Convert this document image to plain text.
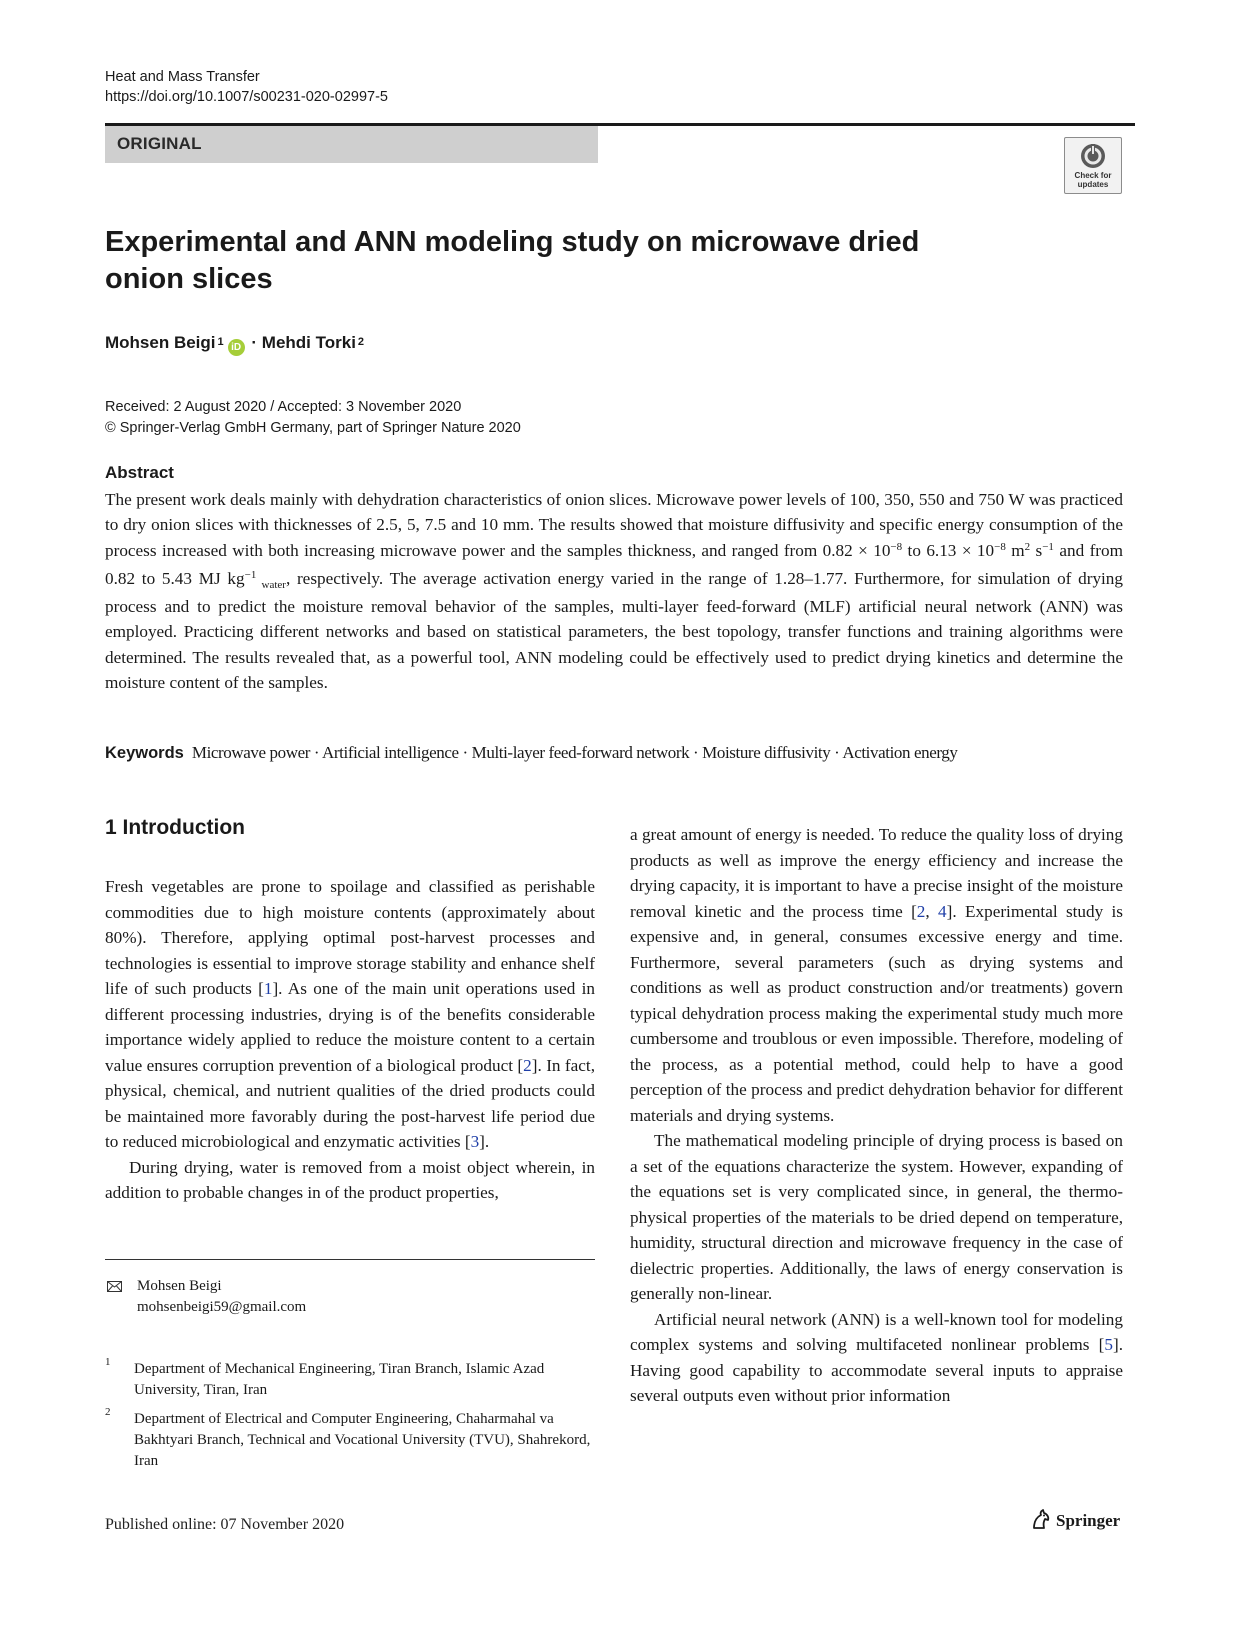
Heat and Mass Transfer
https://doi.org/10.1007/s00231-020-02997-5
ORIGINAL
Check for updates
Experimental and ANN modeling study on microwave dried onion slices
Mohsen Beigi $^1$ iD · Mehdi Torki $^2$
Received: 2 August 2020 / Accepted: 3 November 2020
© Springer-Verlag GmbH Germany, part of Springer Nature 2020
Abstract
The present work deals mainly with dehydration characteristics of onion slices. Microwave power levels of 100, 350, 550 and 750 W was practiced to dry onion slices with thicknesses of 2.5, 5, 7.5 and 10 mm. The results showed that moisture diffusivity and specific energy consumption of the process increased with both increasing microwave power and the samples thickness, and ranged from $0.82 \times 10^{-8}$ to $6.13 \times 10^{-8}$ $m^2$ $s^{-1}$ and from 0.82 to 5.43 MJ $kg^{-1}$ $_{water}$, respectively. The average activation energy varied in the range of 1.28–1.77. Furthermore, for simulation of drying process and to predict the moisture removal behavior of the samples, multi-layer feed-forward (MLF) artificial neural network (ANN) was employed. Practicing different networks and based on statistical parameters, the best topology, transfer functions and training algorithms were determined. The results revealed that, as a powerful tool, ANN modeling could be effectively used to predict drying kinetics and determine the moisture content of the samples.
Keywords Microwave power · Artificial intelligence · Multi-layer feed-forward network · Moisture diffusivity · Activation energy
1 Introduction

Fresh vegetables are prone to spoilage and classified as perishable commodities due to high moisture contents (approximately about 80%). Therefore, applying optimal post-harvest processes and technologies is essential to improve storage stability and enhance shelf life of such products [1]. As one of the main unit operations used in different processing industries, drying is of the benefits considerable importance widely applied to reduce the moisture content to a certain value ensures corruption prevention of a biological product [2]. In fact, physical, chemical, and nutrient qualities of the dried products could be maintained more favorably during the post-harvest life period due to reduced microbiological and enzymatic activities [3].

During drying, water is removed from a moist object wherein, in addition to probable changes in of the product properties,

a great amount of energy is needed. To reduce the quality loss of drying products as well as improve the energy efficiency and increase the drying capacity, it is important to have a precise insight of the moisture removal kinetic and the process time [2, 4]. Experimental study is expensive and, in general, consumes excessive energy and time. Furthermore, several parameters (such as drying systems and conditions as well as product construction and/or treatments) govern typical dehydration process making the experimental study much more cumbersome and troublous or even impossible. Therefore, modeling of the process, as a potential method, could help to have a good perception of the process and predict dehydration behavior for different materials and drying systems.

The mathematical modeling principle of drying process is based on a set of the equations characterize the system. However, expanding of the equations set is very complicated since, in general, the thermo-physical properties of the materials to be dried depend on temperature, humidity, structural direction and microwave frequency in the case of dielectric properties. Additionally, the laws of energy conservation is generally non-linear.

Artificial neural network (ANN) is a well-known tool for modeling complex systems and solving multifaceted nonlinear problems [5]. Having good capability to accommodate several inputs to appraise several outputs even without prior information

Mohsen Beigi
mohsenbeigi59@gmail.com
1 Department of Mechanical Engineering, Tiran Branch, Islamic Azad University, Tiran, Iran
2 Department of Electrical and Computer Engineering, Chaharmahal va Bakhtyari Branch, Technical and Vocational University (TVU), Shahrekord, Iran
Published online: 07 November 2020	Springer
